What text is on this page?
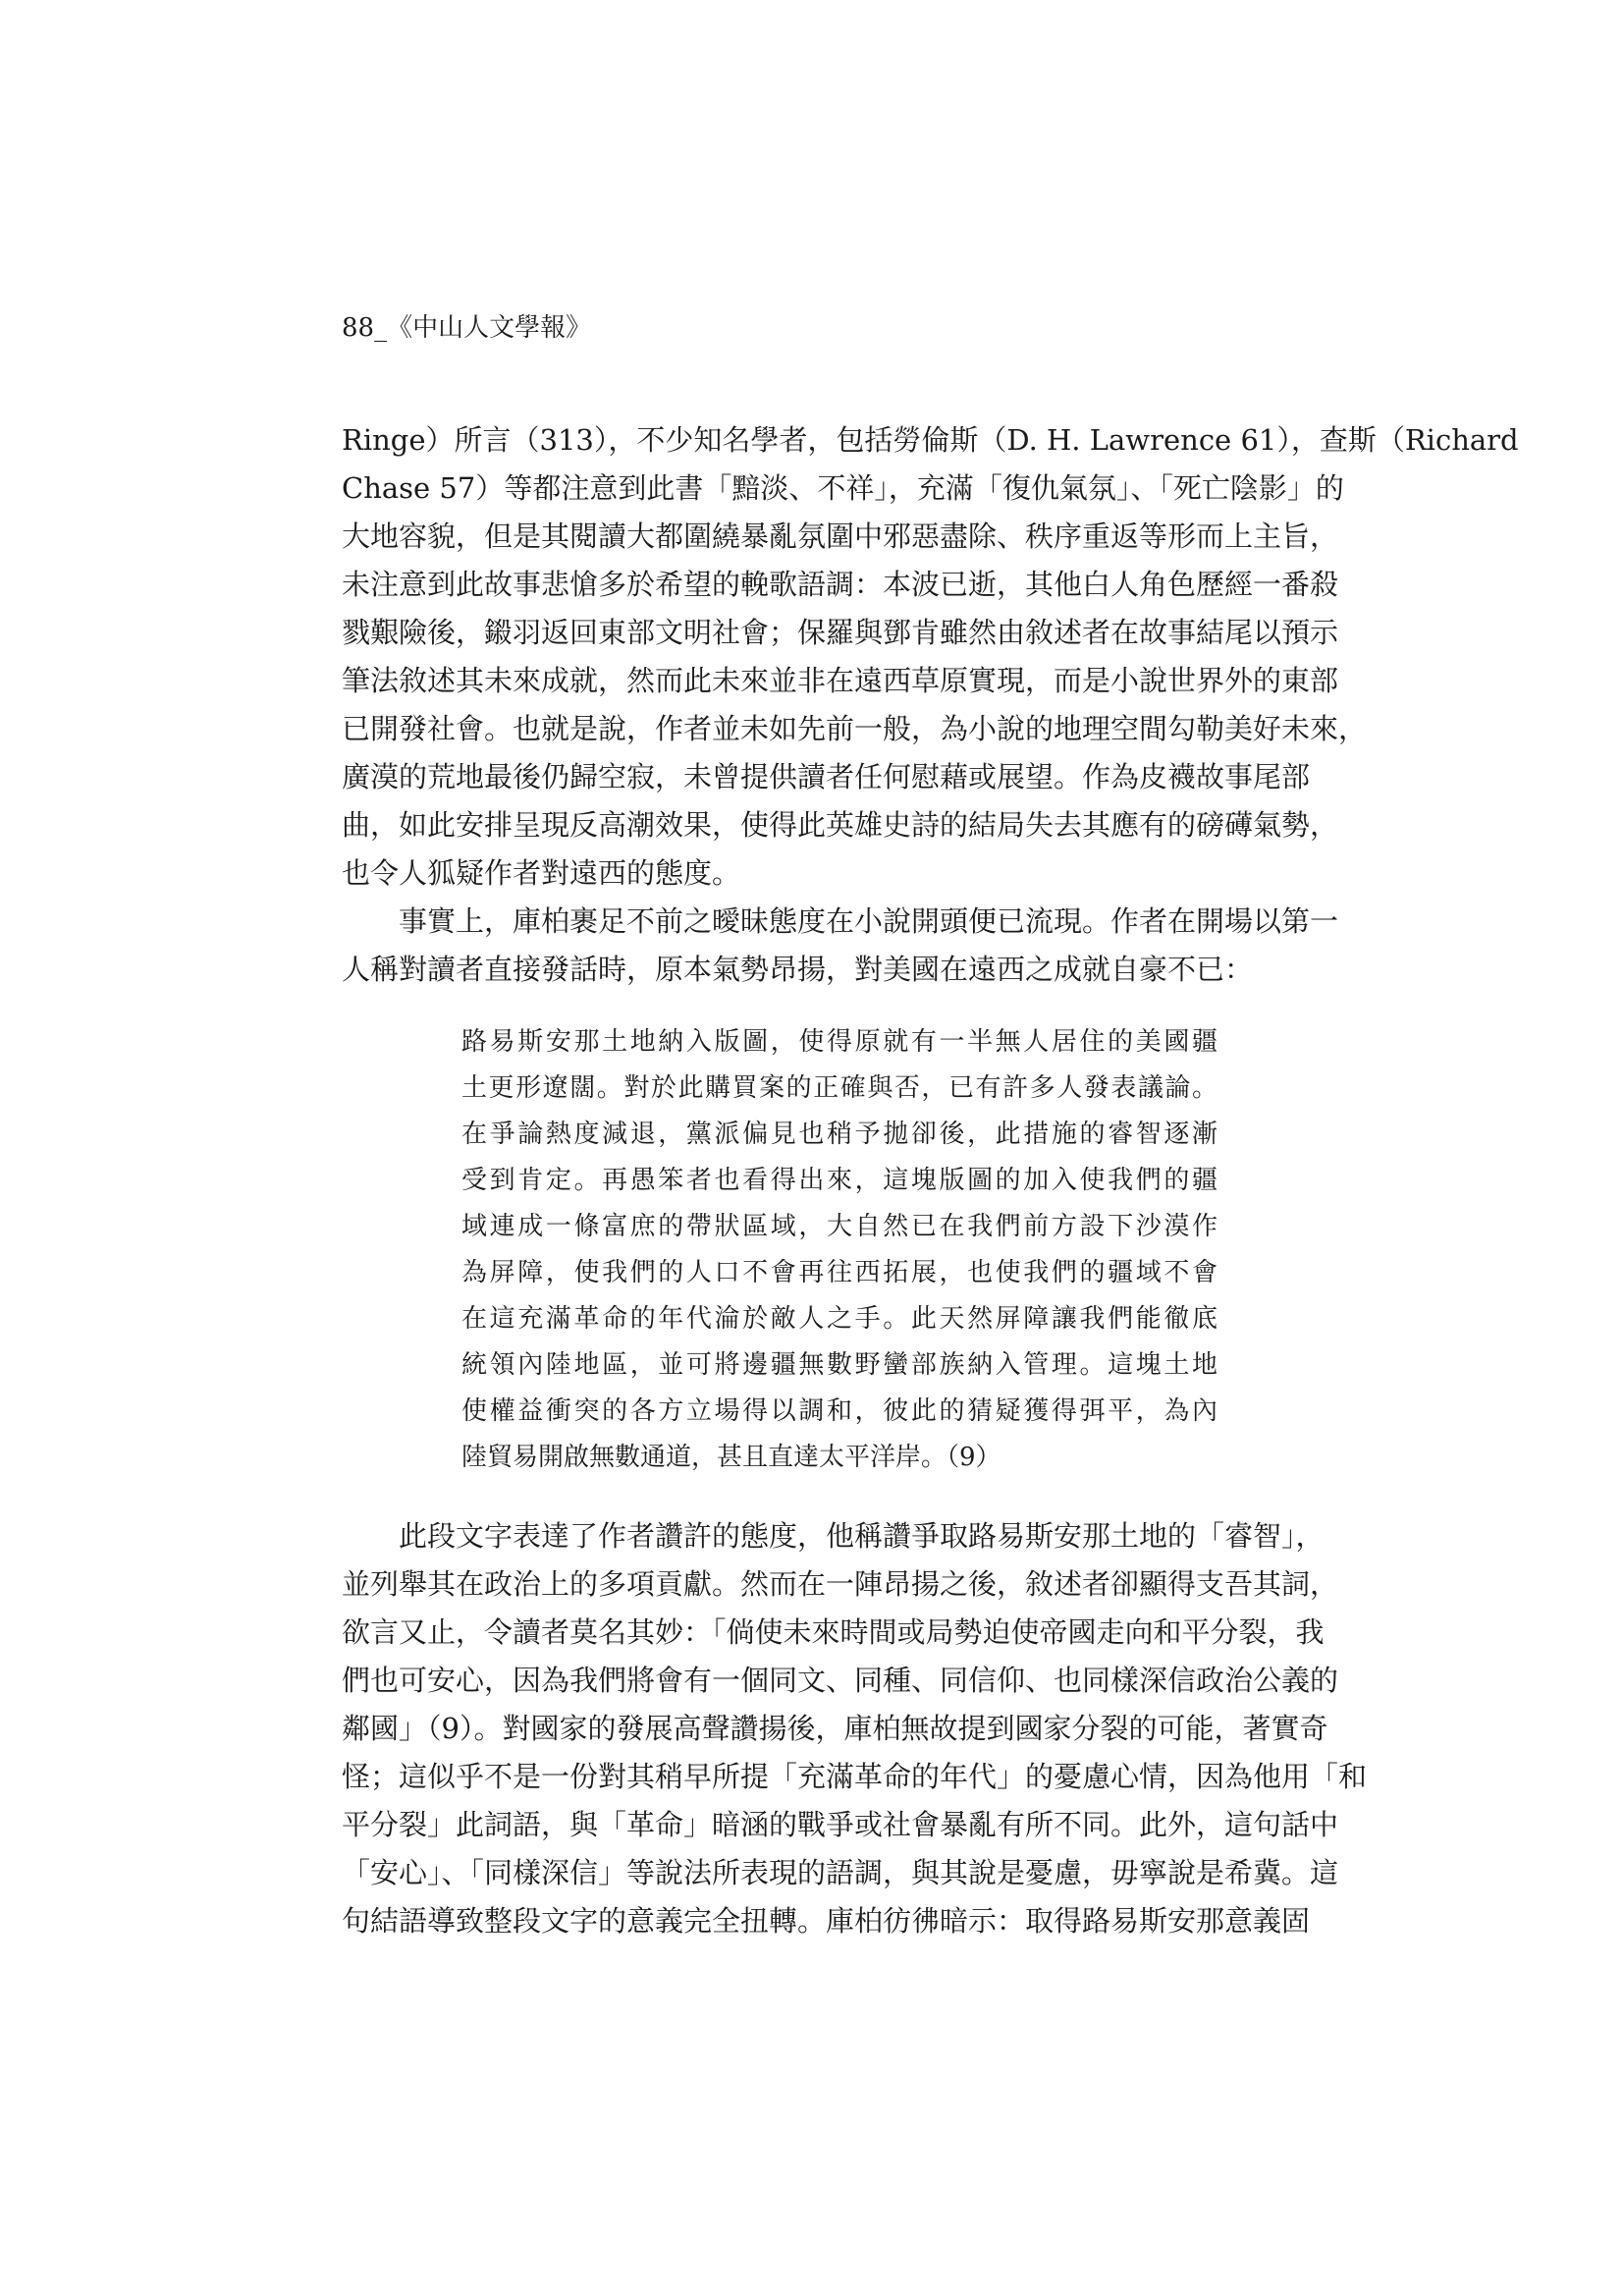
88_《中山人文學報》
Ringe）所言（313），不少知名學者，包括勞倫斯（D. H. Lawrence 61），查斯（Richard
Chase 57）等都注意到此書「黯淡、不祥」，充滿「復仇氣氛」、「死亡陰影」的
大地容貌，但是其閱讀大都圍繞暴亂氛圍中邪惡盡除、秩序重返等形而上主旨，
未注意到此故事悲愴多於希望的輓歌語調：本波已逝，其他白人角色歷經一番殺
戮艱險後，鎩羽返回東部文明社會；保羅與鄧肯雖然由敘述者在故事結尾以預示
筆法敘述其未來成就，然而此未來並非在遠西草原實現，而是小說世界外的東部
已開發社會。也就是說，作者並未如先前一般，為小說的地理空間勾勒美好未來，
廣漠的荒地最後仍歸空寂，未曾提供讀者任何慰藉或展望。作為皮襪故事尾部
曲，如此安排呈現反高潮效果，使得此英雄史詩的結局失去其應有的磅礡氣勢，
也令人狐疑作者對遠西的態度。
事實上，庫柏裹足不前之曖昧態度在小說開頭便已流現。作者在開場以第一
人稱對讀者直接發話時，原本氣勢昂揚，對美國在遠西之成就自豪不已：
路易斯安那土地納入版圖，使得原就有一半無人居住的美國疆
土更形遼闊。對於此購買案的正確與否，已有許多人發表議論。
在爭論熱度減退，黨派偏見也稍予拋卻後，此措施的睿智逐漸
受到肯定。再愚笨者也看得出來，這塊版圖的加入使我們的疆
域連成一條富庶的帶狀區域，大自然已在我們前方設下沙漠作
為屏障，使我們的人口不會再往西拓展，也使我們的疆域不會
在這充滿革命的年代淪於敵人之手。此天然屏障讓我們能徹底
統領內陸地區，並可將邊疆無數野蠻部族納入管理。這塊土地
使權益衝突的各方立場得以調和，彼此的猜疑獲得弭平，為內
陸貿易開啟無數通道，甚且直達太平洋岸。（9）
此段文字表達了作者讚許的態度，他稱讚爭取路易斯安那土地的「睿智」，
並列舉其在政治上的多項貢獻。然而在一陣昂揚之後，敘述者卻顯得支吾其詞，
欲言又止，令讀者莫名其妙：「倘使未來時間或局勢迫使帝國走向和平分裂，我
們也可安心，因為我們將會有一個同文、同種、同信仰、也同樣深信政治公義的
鄰國」（9）。對國家的發展高聲讚揚後，庫柏無故提到國家分裂的可能，著實奇
怪；這似乎不是一份對其稍早所提「充滿革命的年代」的憂慮心情，因為他用「和
平分裂」此詞語，與「革命」暗涵的戰爭或社會暴亂有所不同。此外，這句話中
「安心」、「同樣深信」等說法所表現的語調，與其說是憂慮，毋寧說是希冀。這
句結語導致整段文字的意義完全扭轉。庫柏彷彿暗示：取得路易斯安那意義固
